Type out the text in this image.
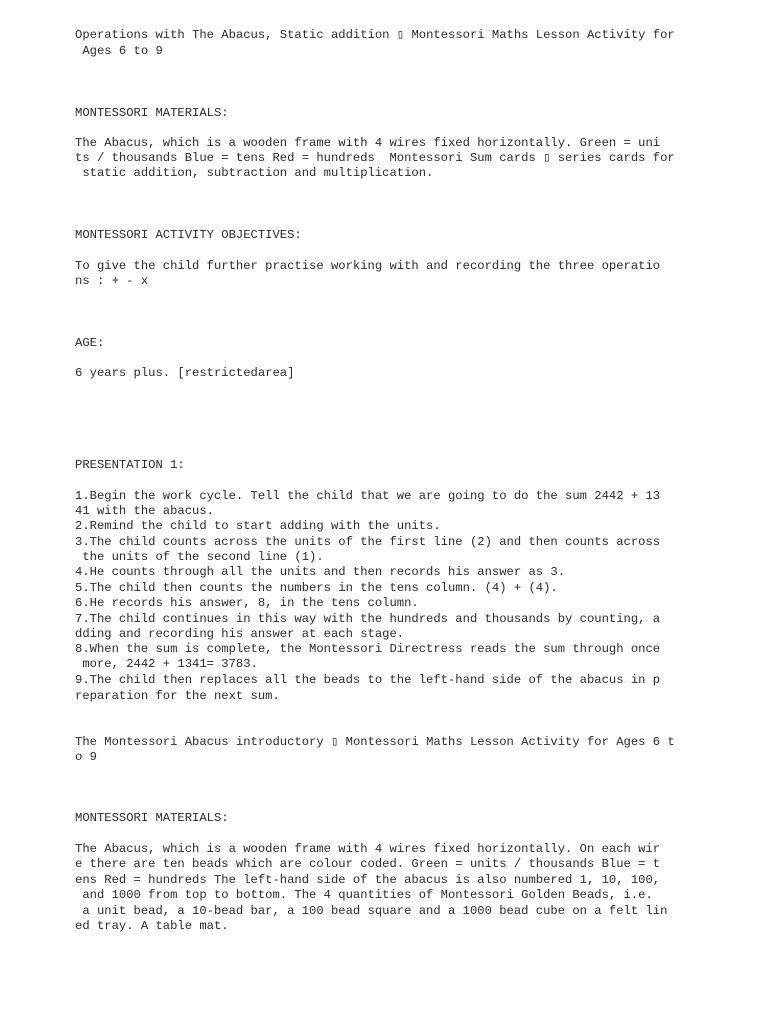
Operations with The Abacus, Static addition ▯ Montessori Maths Lesson Activity for

Ages 6 to 9

MONTESSORI MATERIALS:

The Abacus, which is a wooden frame with 4 wires fixed horizontally. Green = uni

ts / thousands Blue = tens Red = hundreds  Montessori Sum cards ▯ series cards for

static addition, subtraction and multiplication.

MONTESSORI ACTIVITY OBJECTIVES:

To give the child further practise working with and recording the three operatio

ns : + - x

AGE:

6 years plus. [restrictedarea]

PRESENTATION 1:

1.Begin the work cycle. Tell the child that we are going to do the sum 2442 + 13

41 with the abacus.

2.Remind the child to start adding with the units.

3.The child counts across the units of the first line (2) and then counts across

the units of the second line (1).

4.He counts through all the units and then records his answer as 3.

5.The child then counts the numbers in the tens column. (4) + (4).

6.He records his answer, 8, in the tens column.

7.The child continues in this way with the hundreds and thousands by counting, a

dding and recording his answer at each stage.

8.When the sum is complete, the Montessori Directress reads the sum through once

more, 2442 + 1341= 3783.

9.The child then replaces all the beads to the left-hand side of the abacus in p

reparation for the next sum.

The Montessori Abacus introductory ▯ Montessori Maths Lesson Activity for Ages 6 t

o 9

MONTESSORI MATERIALS:

The Abacus, which is a wooden frame with 4 wires fixed horizontally. On each wir

e there are ten beads which are colour coded. Green = units / thousands Blue = t

ens Red = hundreds The left-hand side of the abacus is also numbered 1, 10, 100,

and 1000 from top to bottom. The 4 quantities of Montessori Golden Beads, i.e.

a unit bead, a 10-bead bar, a 100 bead square and a 1000 bead cube on a felt lin

ed tray. A table mat.
